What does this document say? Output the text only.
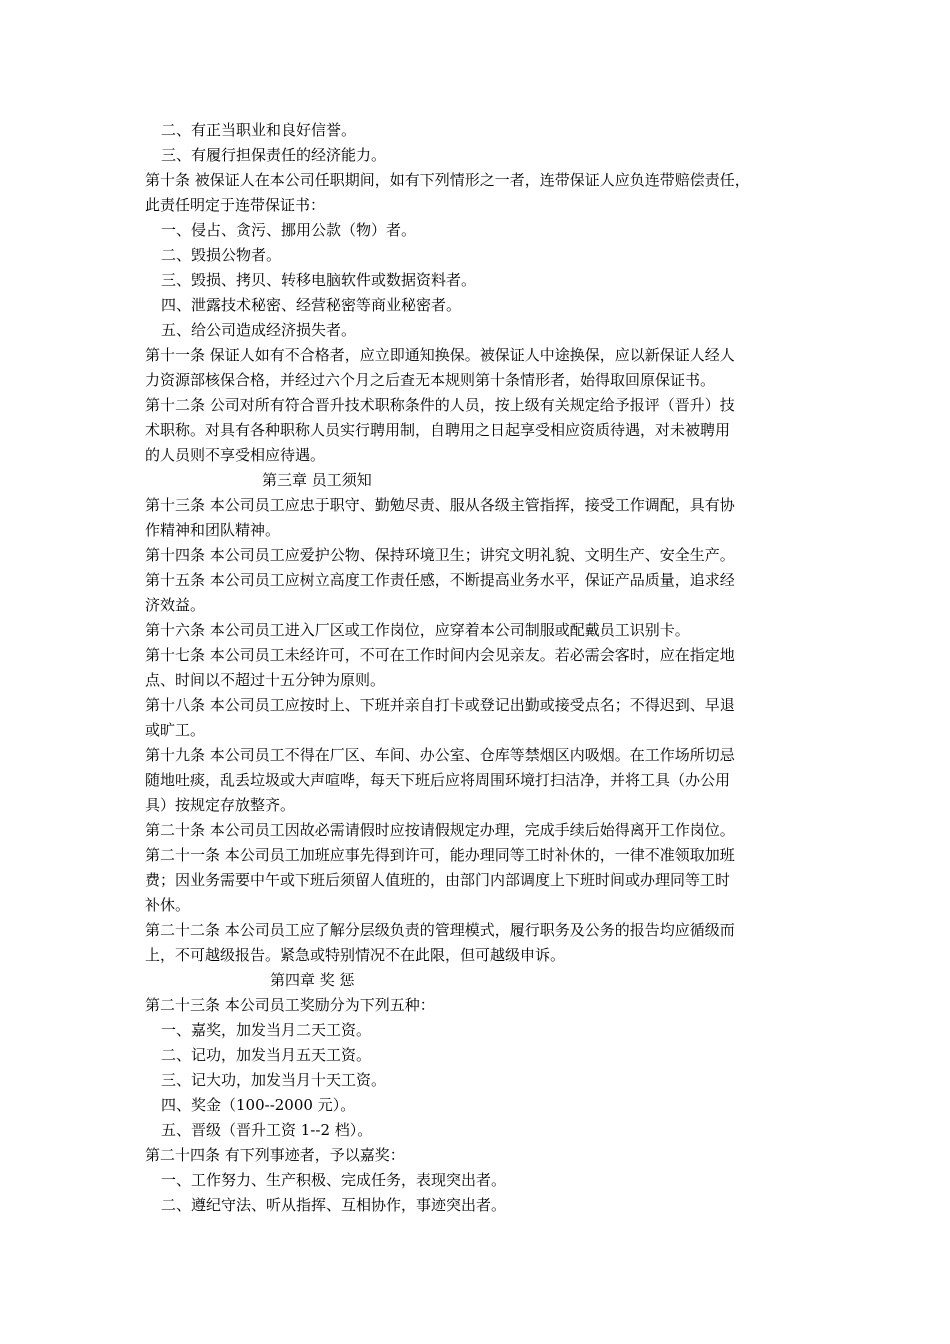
二、有正当职业和良好信誉。

三、有履行担保责任的经济能力。

第十条 被保证人在本公司任职期间，如有下列情形之一者，连带保证人应负连带赔偿责任，

此责任明定于连带保证书：

一、侵占、贪污、挪用公款（物）者。

二、毁损公物者。

三、毁损、拷贝、转移电脑软件或数据资料者。

四、泄露技术秘密、经营秘密等商业秘密者。

五、给公司造成经济损失者。

第十一条 保证人如有不合格者，应立即通知换保。被保证人中途换保，应以新保证人经人

力资源部核保合格，并经过六个月之后查无本规则第十条情形者，始得取回原保证书。

第十二条 公司对所有符合晋升技术职称条件的人员，按上级有关规定给予报评（晋升）技

术职称。对具有各种职称人员实行聘用制，自聘用之日起享受相应资质待遇，对未被聘用

的人员则不享受相应待遇。

第三章 员工须知

第十三条 本公司员工应忠于职守、勤勉尽责、服从各级主管指挥，接受工作调配，具有协

作精神和团队精神。

第十四条 本公司员工应爱护公物、保持环境卫生；讲究文明礼貌、文明生产、安全生产。

第十五条 本公司员工应树立高度工作责任感，不断提高业务水平，保证产品质量，追求经

济效益。

第十六条 本公司员工进入厂区或工作岗位，应穿着本公司制服或配戴员工识别卡。

第十七条 本公司员工未经许可，不可在工作时间内会见亲友。若必需会客时，应在指定地

点、时间以不超过十五分钟为原则。

第十八条 本公司员工应按时上、下班并亲自打卡或登记出勤或接受点名；不得迟到、早退

或旷工。

第十九条 本公司员工不得在厂区、车间、办公室、仓库等禁烟区内吸烟。在工作场所切忌

随地吐痰，乱丢垃圾或大声喧哗，每天下班后应将周围环境打扫洁净，并将工具（办公用

具）按规定存放整齐。

第二十条 本公司员工因故必需请假时应按请假规定办理，完成手续后始得离开工作岗位。

第二十一条 本公司员工加班应事先得到许可，能办理同等工时补休的，一律不准领取加班

费；因业务需要中午或下班后须留人值班的，由部门内部调度上下班时间或办理同等工时

补休。

第二十二条 本公司员工应了解分层级负责的管理模式，履行职务及公务的报告均应循级而

上，不可越级报告。紧急或特别情况不在此限，但可越级申诉。

第四章 奖 惩

第二十三条 本公司员工奖励分为下列五种：

一、嘉奖，加发当月二天工资。

二、记功，加发当月五天工资。

三、记大功，加发当月十天工资。

四、奖金（100--2000 元）。

五、晋级（晋升工资 1--2 档）。

第二十四条 有下列事迹者，予以嘉奖：

一、工作努力、生产积极、完成任务，表现突出者。

二、遵纪守法、听从指挥、互相协作，事迹突出者。
